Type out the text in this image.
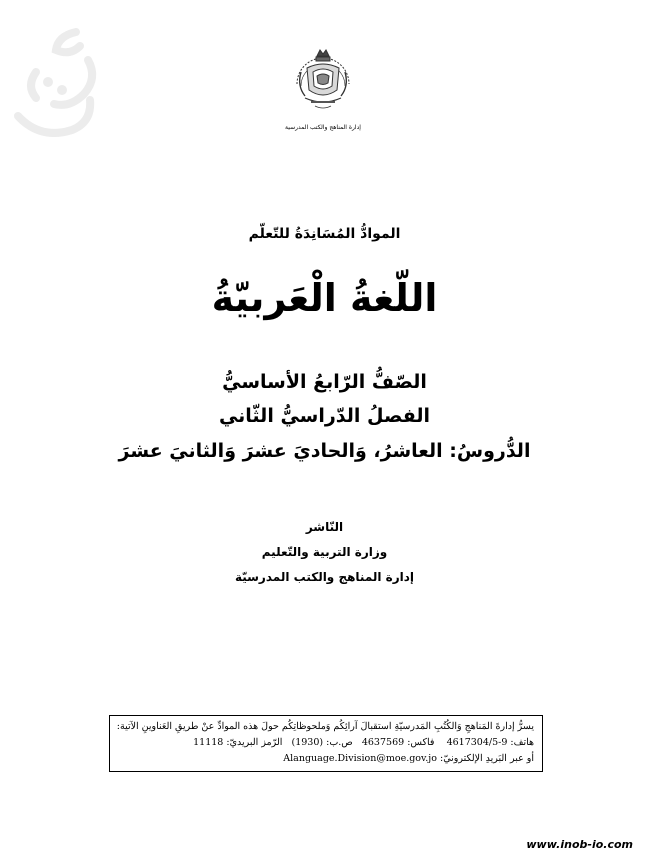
إدارة المناهج والكتب المدرسية
الموادُّ المُسَانِدَةُ للتّعلّم
اللّغةُ الْعَربيّةُ
الصّفُّ الرّابعُ الأساسيُّ
الفصلُ الدّراسيُّ الثّاني
الدُّروسُ: العاشرُ، وَالحاديَ عشرَ وَالثانيَ عشرَ
النّاشر
وزارة التربية والتّعليم
إدارة المناهج والكتب المدرسيّة
يسرُّ إدارةَ المَناهجِ وَالكُتُبِ المَدرسيّةِ استقبالَ آرائِكُم وَملحوظاتِكُم حولَ هذه الموادِّ عنْ طريقِ العَناوينِ الآتية:
هاتف: 4617304/5-9    فاكس: 4637569   ص.ب: (1930)   الرّمز البريديّ: 11118
أو عبر البَريدِ الإلكترونيّ: Alanguage.Division@moe.gov.jo
www.inob-io.com
